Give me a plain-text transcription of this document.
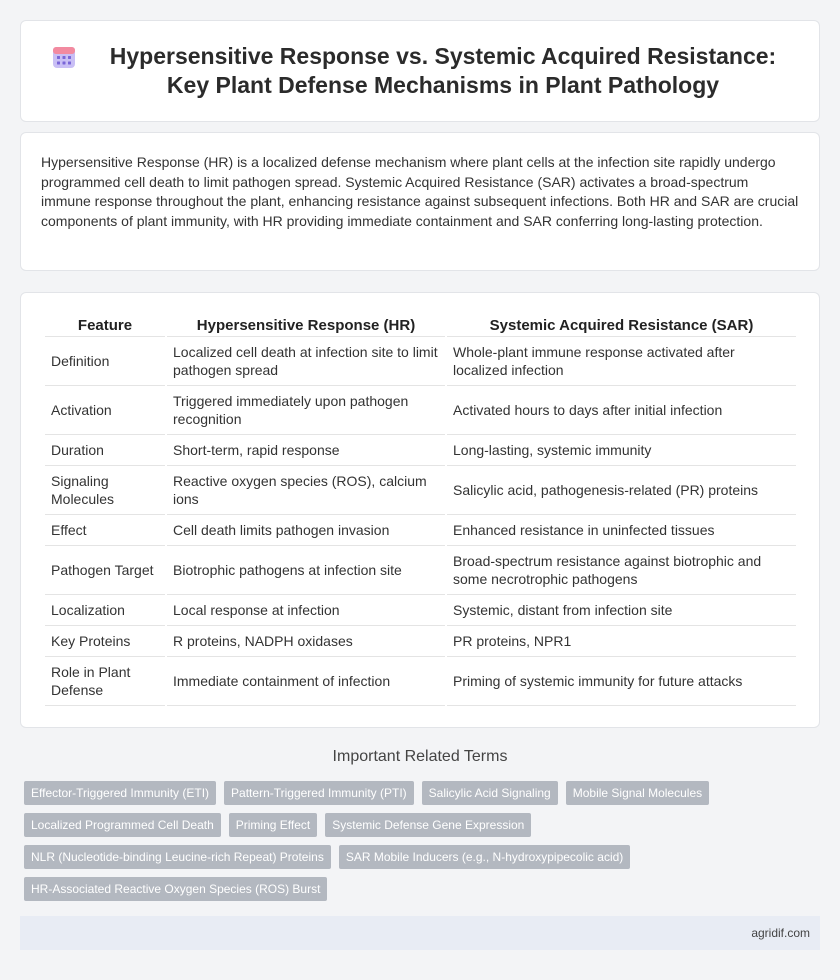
Hypersensitive Response vs. Systemic Acquired Resistance: Key Plant Defense Mechanisms in Plant Pathology

Hypersensitive Response (HR) is a localized defense mechanism where plant cells at the infection site rapidly undergo programmed cell death to limit pathogen spread. Systemic Acquired Resistance (SAR) activates a broad-spectrum immune response throughout the plant, enhancing resistance against subsequent infections. Both HR and SAR are crucial components of plant immunity, with HR providing immediate containment and SAR conferring long-lasting protection.

Feature	Hypersensitive Response (HR)	Systemic Acquired Resistance (SAR)
Definition	Localized cell death at infection site to limit pathogen spread	Whole-plant immune response activated after localized infection
Activation	Triggered immediately upon pathogen recognition	Activated hours to days after initial infection
Duration	Short-term, rapid response	Long-lasting, systemic immunity
Signaling Molecules	Reactive oxygen species (ROS), calcium ions	Salicylic acid, pathogenesis-related (PR) proteins
Effect	Cell death limits pathogen invasion	Enhanced resistance in uninfected tissues
Pathogen Target	Biotrophic pathogens at infection site	Broad-spectrum resistance against biotrophic and some necrotrophic pathogens
Localization	Local response at infection	Systemic, distant from infection site
Key Proteins	R proteins, NADPH oxidases	PR proteins, NPR1
Role in Plant Defense	Immediate containment of infection	Priming of systemic immunity for future attacks
Important Related Terms
Effector-Triggered Immunity (ETI)	Pattern-Triggered Immunity (PTI)	Salicylic Acid Signaling	Mobile Signal Molecules
Localized Programmed Cell Death	Priming Effect	Systemic Defense Gene Expression
NLR (Nucleotide-binding Leucine-rich Repeat) Proteins	SAR Mobile Inducers (e.g., N-hydroxypipecolic acid)
HR-Associated Reactive Oxygen Species (ROS) Burst
agridif.com
